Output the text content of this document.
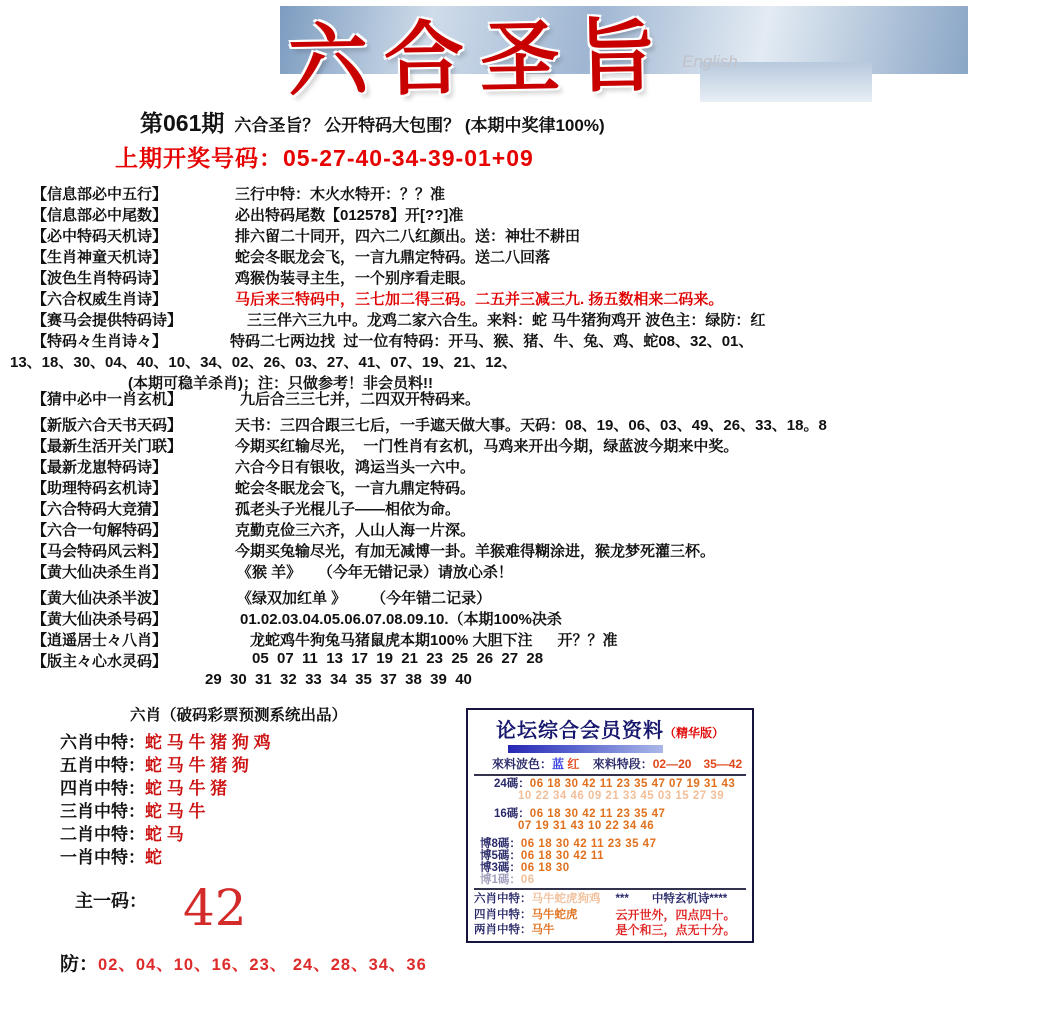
六合圣旨 English
第061期 六合圣旨？ 公开特码大包围？ (本期中奖律100%)
上期开奖号码：05-27-40-34-39-01+09
【信息部必中五行】	三行中特：木火水特开：？？准
【信息部必中尾数】	必出特码尾数【012578】开[??]准
【必中特码天机诗】	排六留二十同开，四六二八红颜出。送：神壮不耕田
【生肖神童天机诗】	蛇会冬眠龙会飞，一言九鼎定特码。送二八回落
【波色生肖特码诗】	鸡猴伪装寻主生，一个别序看走眼。
【六合权威生肖诗】	马后来三特码中，三七加二得三码。二五并三减三九. 扬五数相来二码来。
【赛马会提供特码诗】	三三伴六三九中。龙鸡二家六合生。来料：蛇 马牛猪狗鸡开 波色主：绿防：红
【特码々生肖诗々】	特码二七两边找  过一位有特码：开马、猴、猪、牛、兔、鸡、蛇08、32、01、
13、18、30、04、40、10、34、02、26、03、27、41、07、19、21、12、
(本期可稳羊杀肖)；注：只做参考！非会员料!!
【猜中必中一肖玄机】	九后合三三七并，二四双开特码来。
【新版六合天书天码】	天书：三四合跟三七后，一手遮天做大事。天码：08、19、06、03、49、26、33、18。8
【最新生活开关门联】	今期买红输尽光，  一门性肖有玄机，马鸡来开出今期，绿蓝波今期来中奖。
【最新龙崽特码诗】	六合今日有银收，鸿运当头一六中。
【助理特码玄机诗】	蛇会冬眠龙会飞，一言九鼎定特码。
【六合特码大竞猜】	孤老头子光棍儿子——相依为命。
【六合一句解特码】	克勤克俭三六齐，人山人海一片深。
【马会特码风云料】	今期买兔输尽光，有加无减博一卦。羊猴难得糊涂进，猴龙梦死灌三杯。
【黄大仙决杀生肖】	《猴 羊》    （今年无错记录）请放心杀！
【黄大仙决杀半波】	《绿双加红单 》      （今年错二记录）
【黄大仙决杀号码】	01.02.03.04.05.06.07.08.09.10.（本期100%决杀
【逍遥居士々八肖】	龙蛇鸡牛狗兔马猪鼠虎本期100% 大胆下注      开？？准
【版主々心水灵码】	05  07  11  13  17  19  21  23  25  26  27  28
29  30  31  32  33  34  35  37  38  39  40
六肖（破码彩票预测系统出品）
六肖中特：蛇 马 牛 猪 狗 鸡
五肖中特：蛇 马 牛 猪 狗
四肖中特：蛇 马 牛 猪
三肖中特：蛇 马 牛
二肖中特：蛇 马
一肖中特：蛇
主一码： 42
防：02、04、10、16、23、 24、28、34、36
论坛综合会员资料（精华版）
來料波色：蓝 红 來料特段：02—20　35—42
24碼：06 18 30 42 11 23 35 47 07 19 31 43
10 22 34 46 09 21 33 45 03 15 27 39
16碼：06 18 30 42 11 23 35 47
07 19 31 43 10 22 34 46
博8碼：06 18 30 42 11 23 35 47
博5碼：06 18 30 42 11
博3碼：06 18 30
博1碼：06
六肖中特：马牛蛇虎狗鸡	***　　中特玄机诗****
四肖中特：马牛蛇虎	云开世外，四点四十。
两肖中特：马牛	是个和三，点无十分。
